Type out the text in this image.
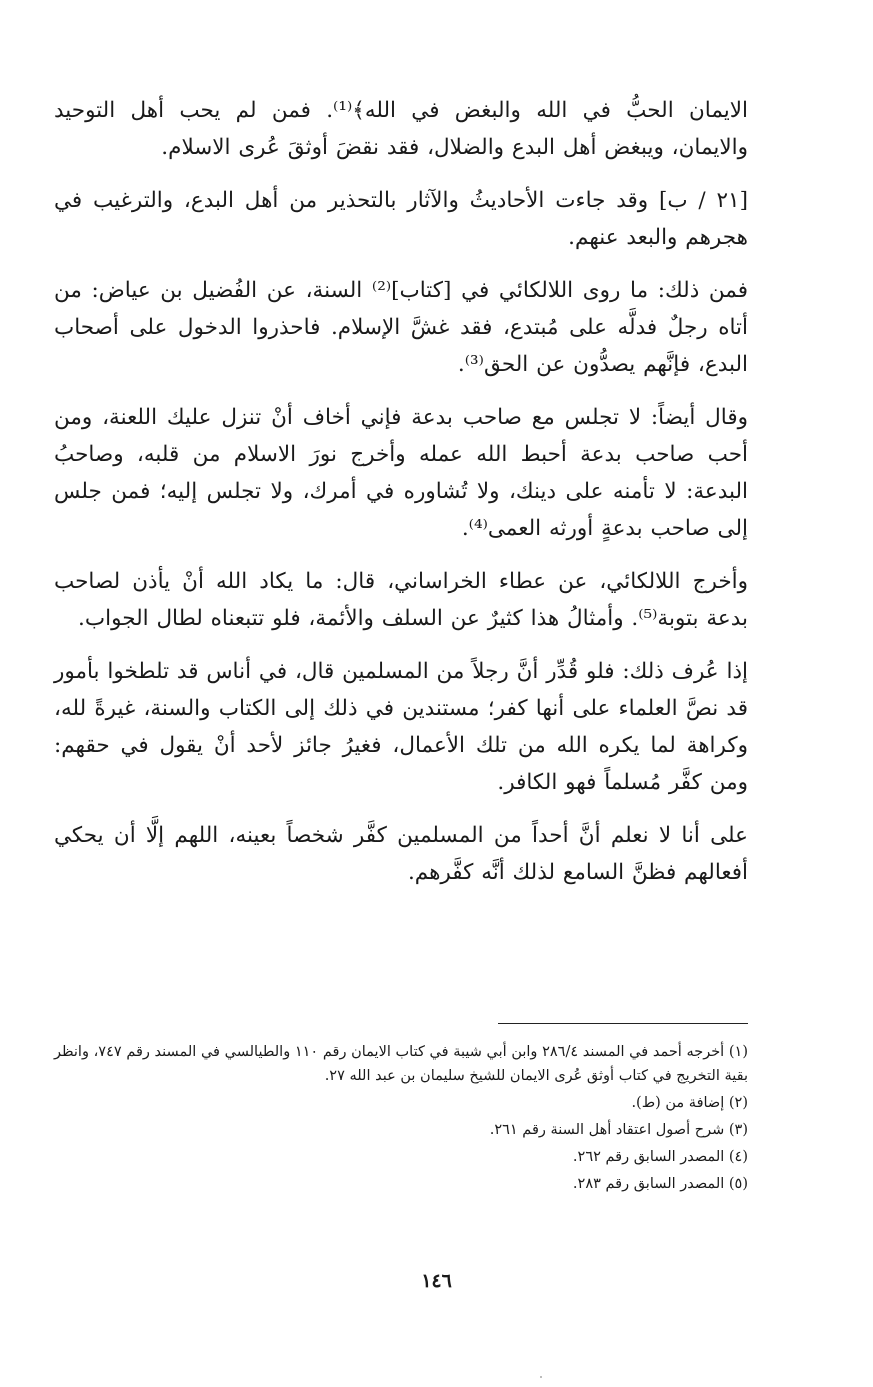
الايمان الحبُّ في الله والبغض في الله﴾⁽¹⁾. فمن لم يحب أهل التوحيد والايمان، ويبغض أهل البدع والضلال، فقد نقضَ أوثقَ عُرى الاسلام.

[٢١ / ب] وقد جاءت الأحاديثُ والآثار بالتحذير من أهل البدع، والترغيب في هجرهم والبعد عنهم.

فمن ذلك: ما روى اللالكائي في [كتاب]⁽²⁾ السنة، عن الفُضيل بن عياض: من أتاه رجلٌ فدلَّه على مُبتدع، فقد غشَّ الإسلام. فاحذروا الدخول على أصحاب البدع، فإنَّهم يصدُّون عن الحق⁽³⁾.

وقال أيضاً: لا تجلس مع صاحب بدعة فإني أخاف أنْ تنزل عليك اللعنة، ومن أحب صاحب بدعة أحبط الله عمله وأخرج نورَ الاسلام من قلبه، وصاحبُ البدعة: لا تأمنه على دينك، ولا تُشاوره في أمرك، ولا تجلس إليه؛ فمن جلس إلى صاحب بدعةٍ أورثه العمى⁽⁴⁾.

وأخرج اللالكائي، عن عطاء الخراساني، قال: ما يكاد الله أنْ يأذن لصاحب بدعة بتوبة⁽⁵⁾. وأمثالُ هذا كثيرٌ عن السلف والأئمة، فلو تتبعناه لطال الجواب.

إذا عُرف ذلك: فلو قُدِّر أنَّ رجلاً من المسلمين قال، في أناس قد تلطخوا بأمور قد نصَّ العلماء على أنها كفر؛ مستندين في ذلك إلى الكتاب والسنة، غيرةً لله، وكراهة لما يكره الله من تلك الأعمال، فغيرُ جائز لأحد أنْ يقول في حقهم: ومن كفَّر مُسلماً فهو الكافر.

على أنا لا نعلم أنَّ أحداً من المسلمين كفَّر شخصاً بعينه، اللهم إلَّا أن يحكي أفعالهم فظنَّ السامع لذلك أنَّه كفَّرهم.

(١) أخرجه أحمد في المسند ٢٨٦/٤ وابن أبي شيبة في كتاب الايمان رقم ١١٠ والطيالسي في المسند رقم ٧٤٧، وانظر بقية التخريج في كتاب أوثق عُرى الايمان للشيخ سليمان بن عبد الله ٢٧.

(٢) إضافة من (ط).

(٣) شرح أصول اعتقاد أهل السنة رقم ٢٦١.

(٤) المصدر السابق رقم ٢٦٢.

(٥) المصدر السابق رقم ٢٨٣.

١٤٦
